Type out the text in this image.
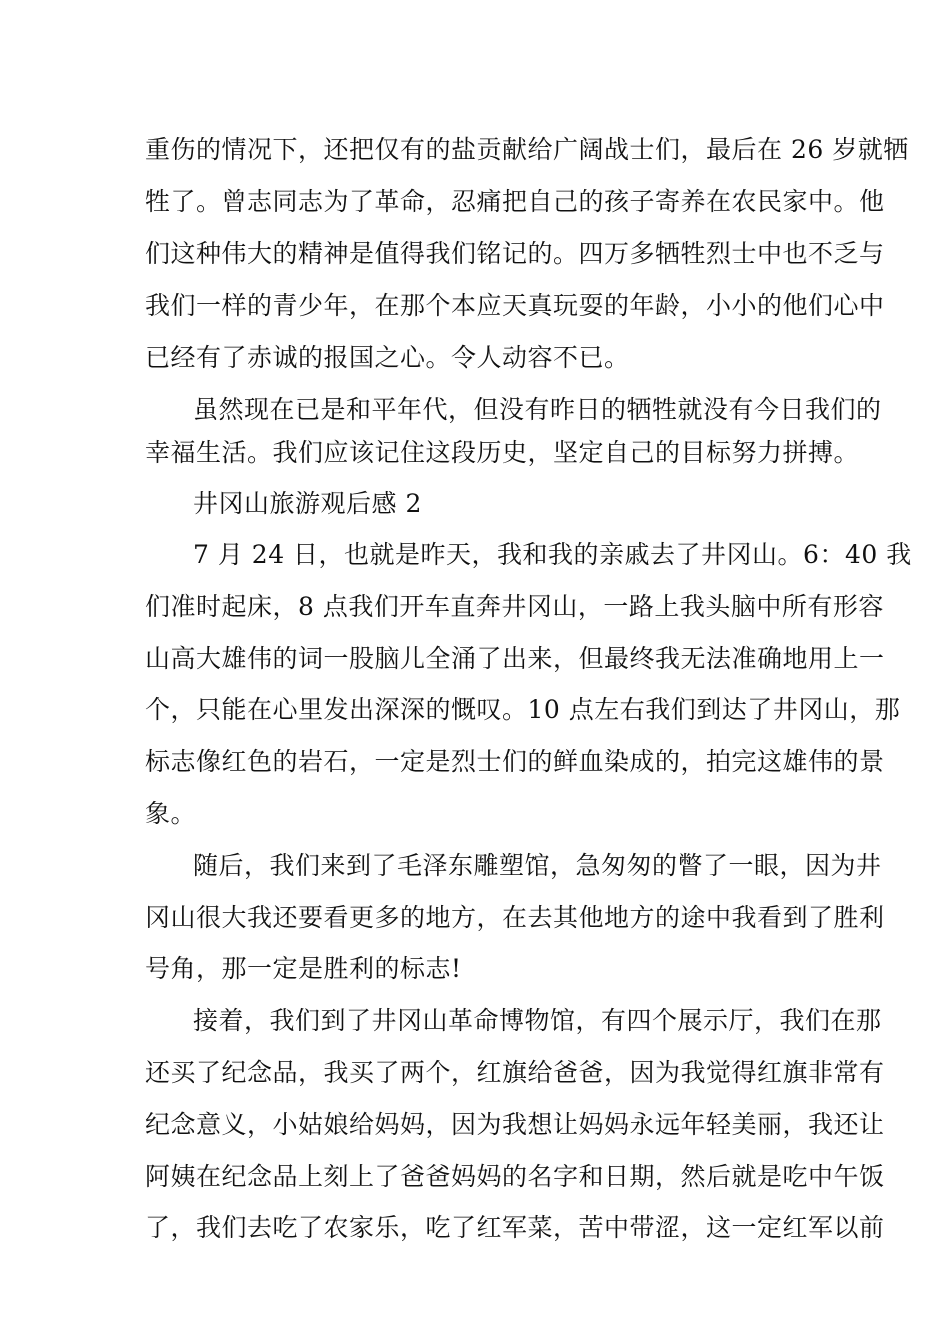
重伤的情况下，还把仅有的盐贡献给广阔战士们，最后在 26 岁就牺
牲了。曾志同志为了革命，忍痛把自己的孩子寄养在农民家中。他
们这种伟大的精神是值得我们铭记的。四万多牺牲烈士中也不乏与
我们一样的青少年，在那个本应天真玩耍的年龄，小小的他们心中
已经有了赤诚的报国之心。令人动容不已。
虽然现在已是和平年代，但没有昨日的牺牲就没有今日我们的
幸福生活。我们应该记住这段历史，坚定自己的目标努力拼搏。
井冈山旅游观后感 2
7 月 24 日，也就是昨天，我和我的亲戚去了井冈山。6：40 我
们准时起床，8 点我们开车直奔井冈山，一路上我头脑中所有形容
山高大雄伟的词一股脑儿全涌了出来，但最终我无法准确地用上一
个，只能在心里发出深深的慨叹。10 点左右我们到达了井冈山，那
标志像红色的岩石，一定是烈士们的鲜血染成的，拍完这雄伟的景
象。
随后，我们来到了毛泽东雕塑馆，急匆匆的瞥了一眼，因为井
冈山很大我还要看更多的地方，在去其他地方的途中我看到了胜利
号角，那一定是胜利的标志!
接着，我们到了井冈山革命博物馆，有四个展示厅，我们在那
还买了纪念品，我买了两个，红旗给爸爸，因为我觉得红旗非常有
纪念意义，小姑娘给妈妈，因为我想让妈妈永远年轻美丽，我还让
阿姨在纪念品上刻上了爸爸妈妈的名字和日期，然后就是吃中午饭
了，我们去吃了农家乐，吃了红军菜，苦中带涩，这一定红军以前
